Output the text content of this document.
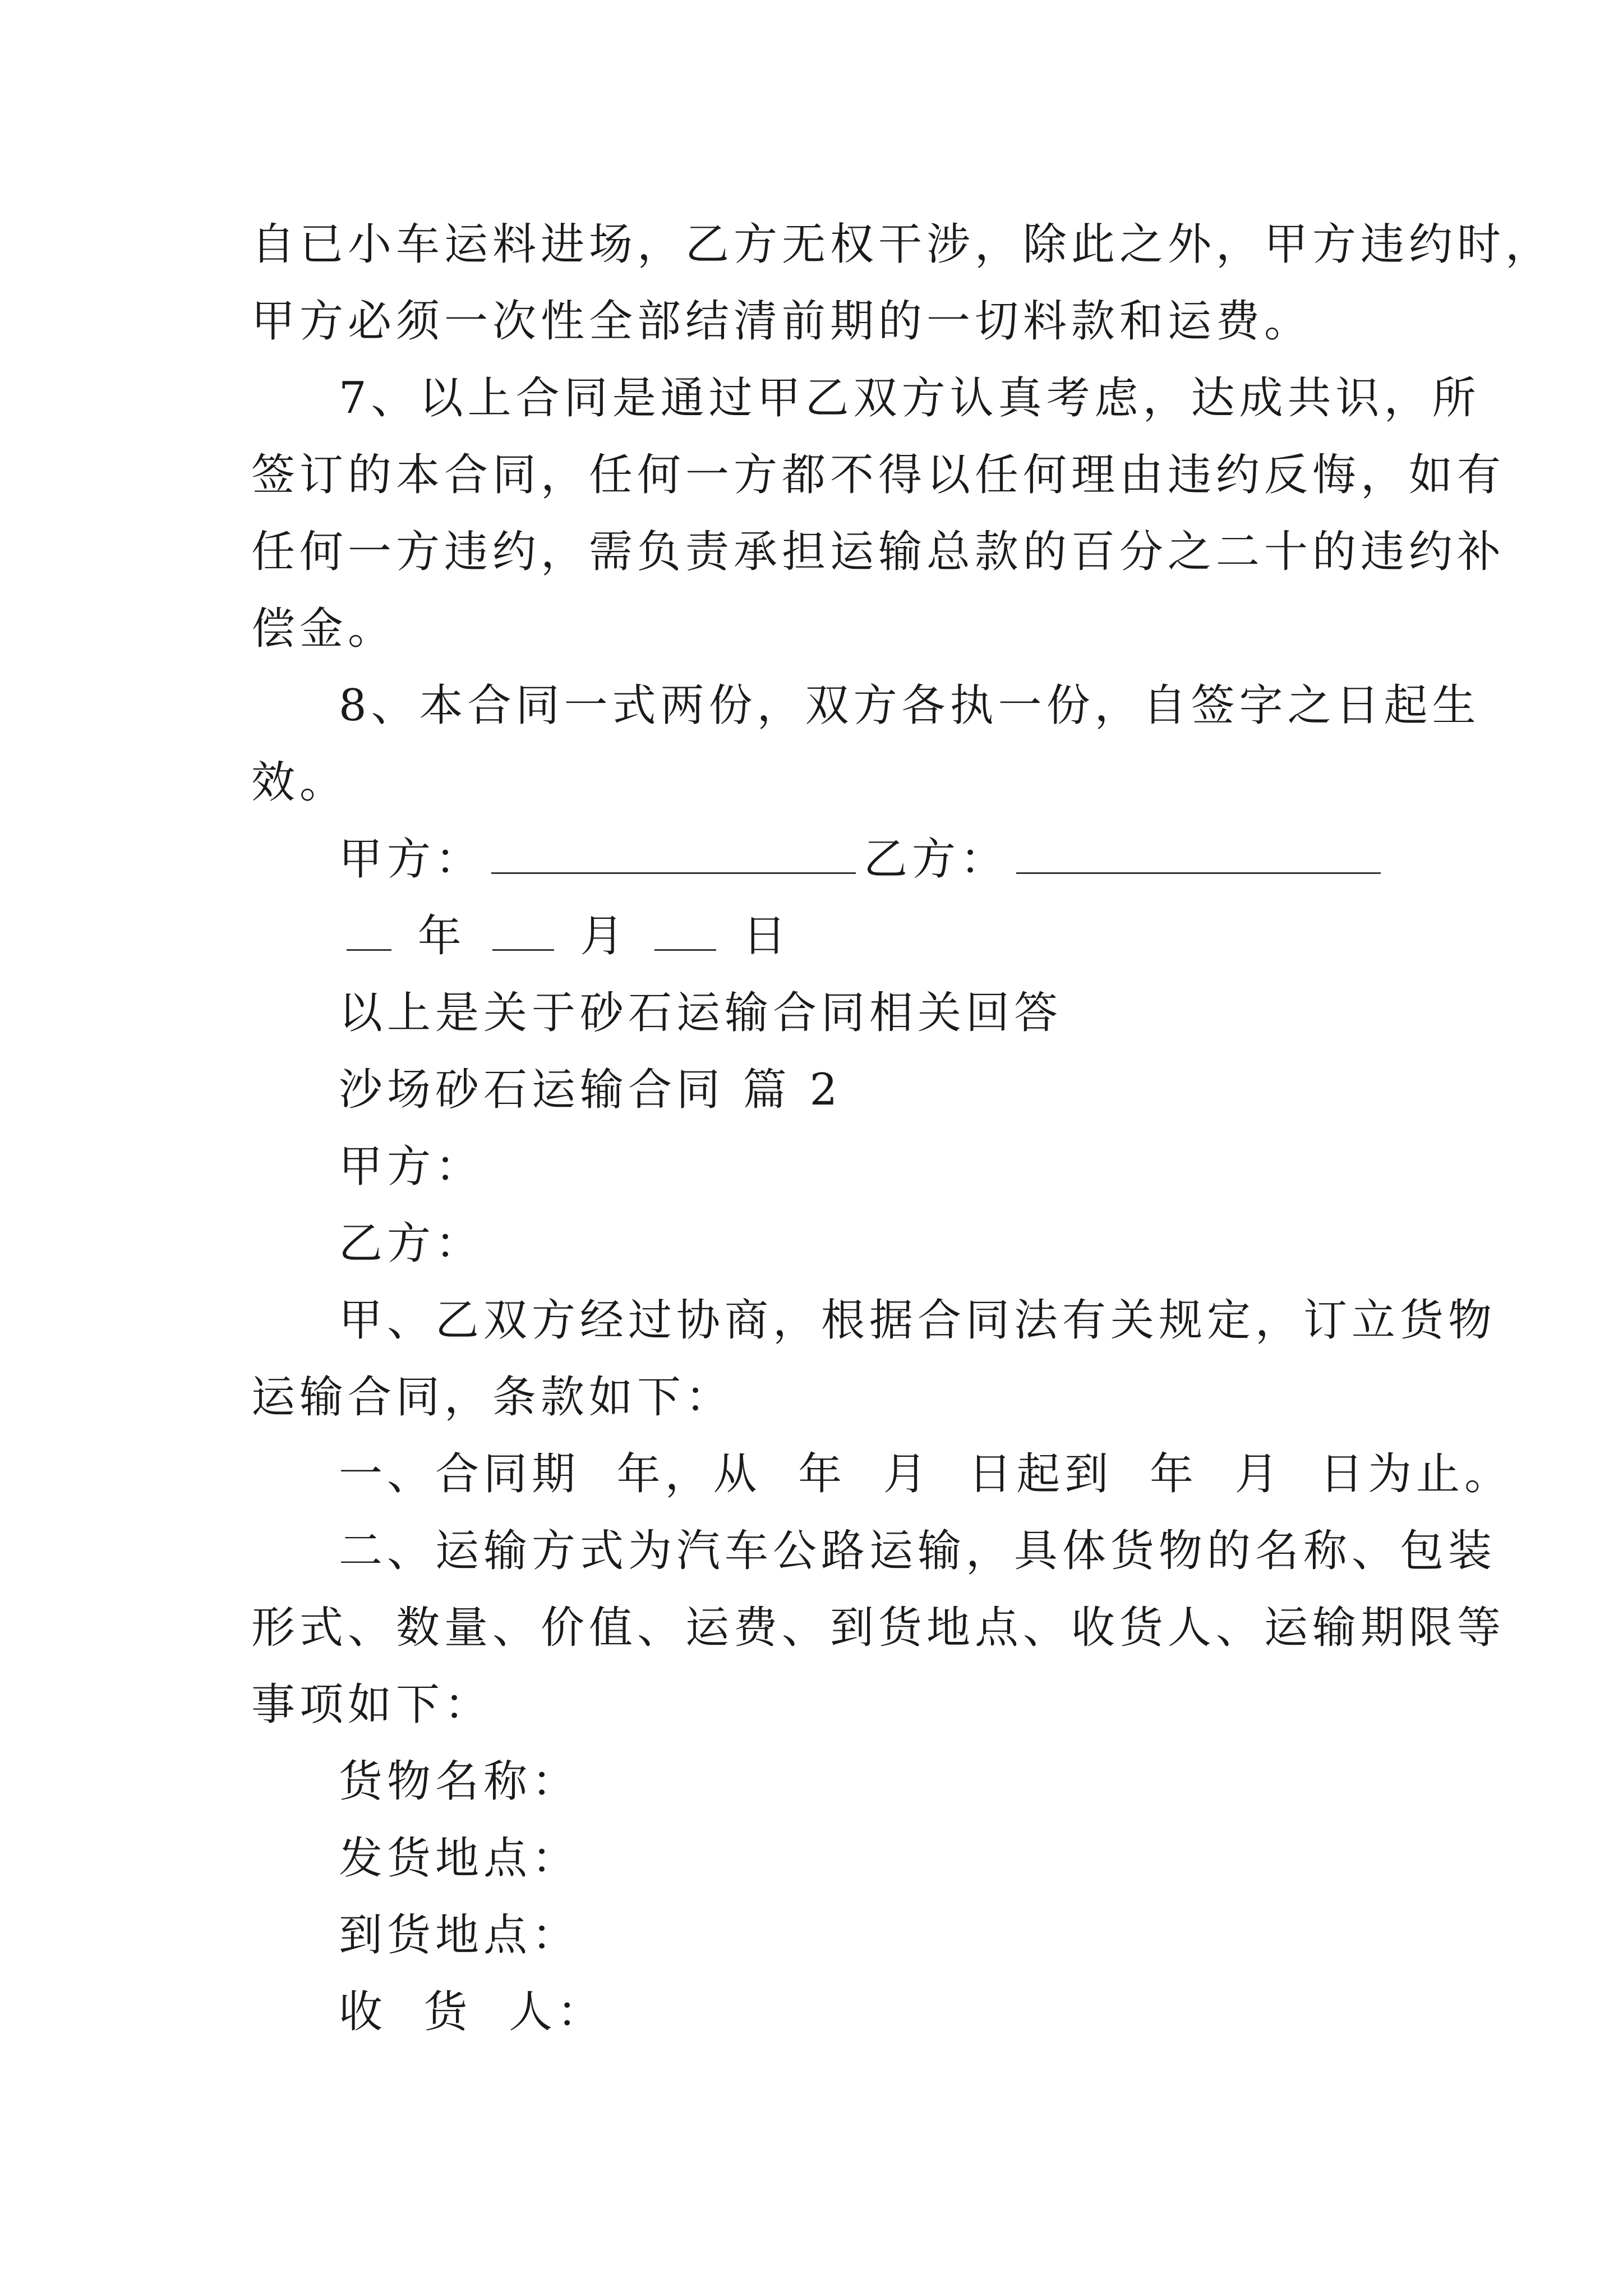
自已小车运料进场，乙方无权干涉，除此之外，甲方违约时，
甲方必须一次性全部结清前期的一切料款和运费。
7、以上合同是通过甲乙双方认真考虑，达成共识，所
签订的本合同，任何一方都不得以任何理由违约反悔，如有
任何一方违约，需负责承担运输总款的百分之二十的违约补
偿金。
8、本合同一式两份，双方各执一份，自签字之日起生
效。
甲方：	乙方：
年	月	日
以上是关于砂石运输合同相关回答
沙场砂石运输合同 篇 2
甲方：
乙方：
甲、乙双方经过协商，根据合同法有关规定，订立货物
运输合同，条款如下：
一、合同期  年，从  年  月  日起到  年  月  日为止。
二、运输方式为汽车公路运输，具体货物的名称、包装
形式、数量、价值、运费、到货地点、收货人、运输期限等
事项如下：
货物名称：
发货地点：
到货地点：
收  货  人：
